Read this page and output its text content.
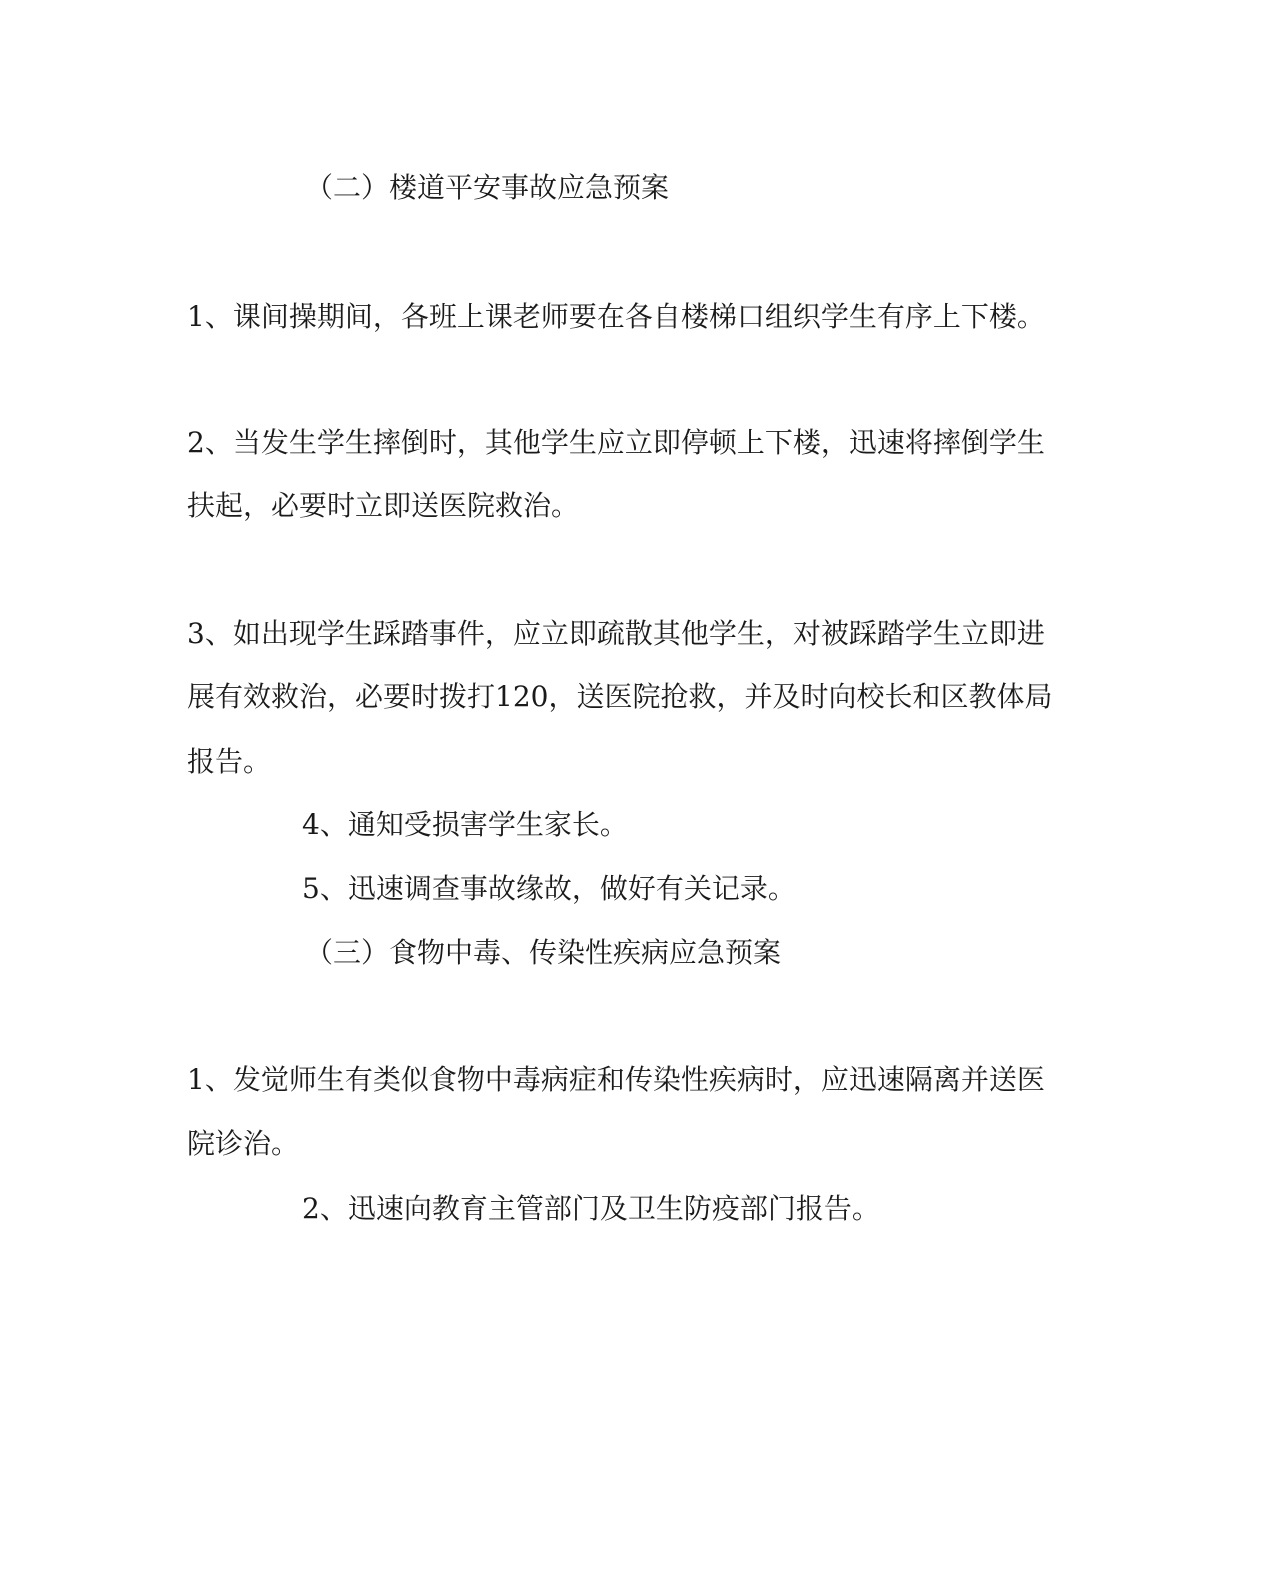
（二）楼道平安事故应急预案
1、课间操期间，各班上课老师要在各自楼梯口组织学生有序上下楼。
2、当发生学生摔倒时，其他学生应立即停顿上下楼，迅速将摔倒学生
扶起，必要时立即送医院救治。
3、如出现学生踩踏事件，应立即疏散其他学生，对被踩踏学生立即进
展有效救治，必要时拨打120，送医院抢救，并及时向校长和区教体局
报告。
4、通知受损害学生家长。
5、迅速调查事故缘故，做好有关记录。
（三）食物中毒、传染性疾病应急预案
1、发觉师生有类似食物中毒病症和传染性疾病时，应迅速隔离并送医
院诊治。
2、迅速向教育主管部门及卫生防疫部门报告。
